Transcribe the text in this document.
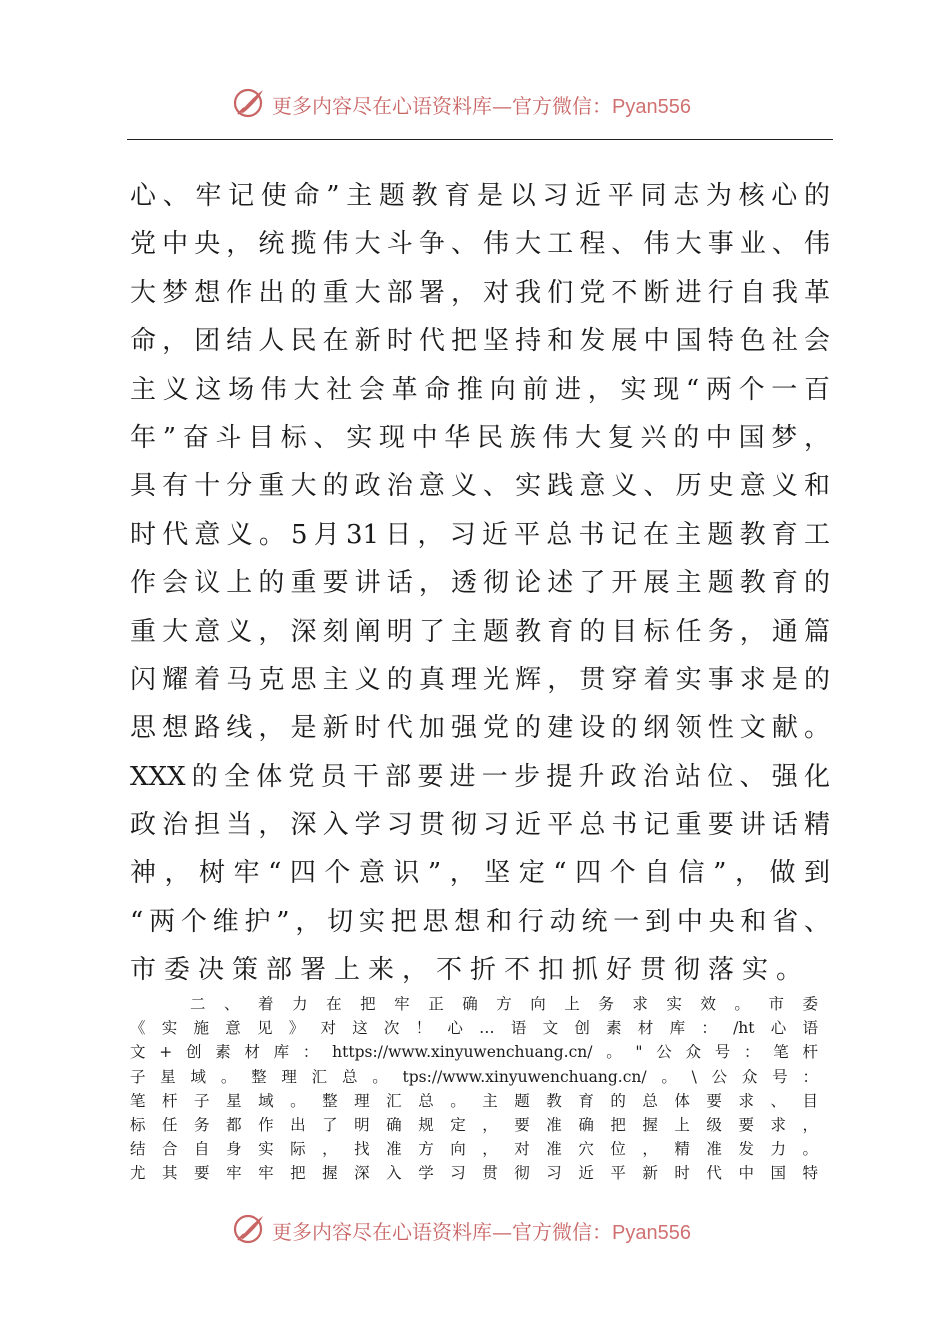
更多内容尽在心语资料库—官方微信：Pyan556
心、牢记使命”主题教育是以习近平同志为核心的
党中央，统揽伟大斗争、伟大工程、伟大事业、伟
大梦想作出的重大部署，对我们党不断进行自我革
命，团结人民在新时代把坚持和发展中国特色社会
主义这场伟大社会革命推向前进，实现“两个一百
年”奋斗目标、实现中华民族伟大复兴的中国梦，
具有十分重大的政治意义、实践意义、历史意义和
时代意义。5月31日，习近平总书记在主题教育工
作会议上的重要讲话，透彻论述了开展主题教育的
重大意义，深刻阐明了主题教育的目标任务，通篇
闪耀着马克思主义的真理光辉，贯穿着实事求是的
思想路线，是新时代加强党的建设的纲领性文献。
XXX的全体党员干部要进一步提升政治站位、强化
政治担当，深入学习贯彻习近平总书记重要讲话精
神，树牢“四个意识”，坚定“四个自信”，做到
“两个维护”，切实把思想和行动统一到中央和省、
市委决策部署上来，不折不扣抓好贯彻落实。
二、着力在把牢正确方向上务求实效。市委
《实施意见》对这次！心…语文创素材库：/ht心语
文+创素材库：https://www.xinyuwenchuang.cn/。"公众号：笔杆
子星域。整理汇总。tps://www.xinyuwenchuang.cn/。\公众号：
笔杆子星域。整理汇总。主题教育的总体要求、目
标任务都作出了明确规定，要准确把握上级要求，
结合自身实际，找准方向，对准穴位，精准发力。
尤其要牢牢把握深入学习贯彻习近平新时代中国特
更多内容尽在心语资料库—官方微信：Pyan556
